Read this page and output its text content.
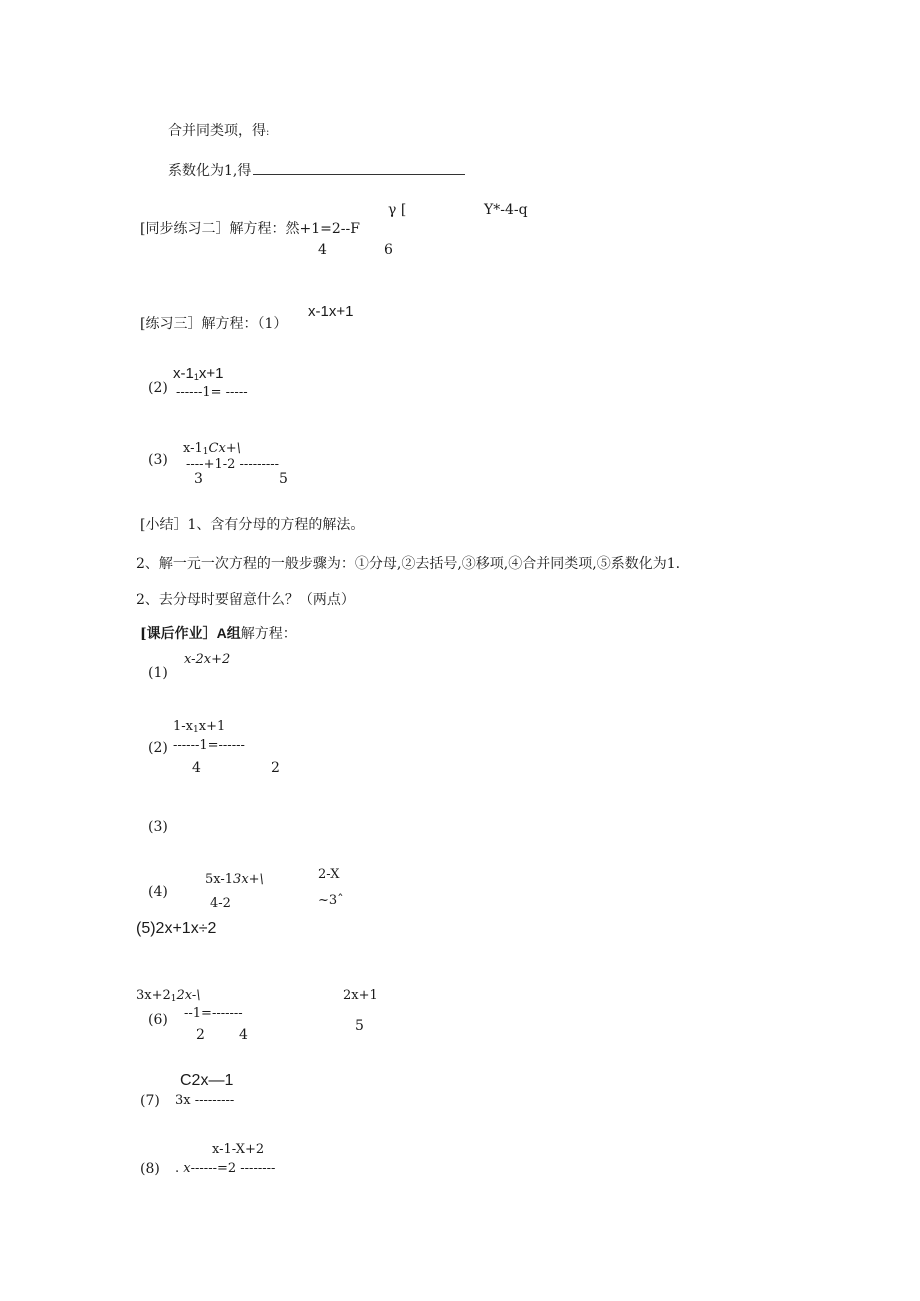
合并同类项，得:
系数化为1,得
γ [	Y*-4-q
[同步练习二］解方程：然+1=2--F
4	6
[练习三］解方程：（1）
x-1x+1
$x-1_1x+1$
(2) ------1= -----
$x-1_1Cx+\backslash$
(3) ----+1-2 ---------
3	5
[小结］1、含有分母的方程的解法。
2、解一元一次方程的一般步骤为：①分母,②去括号,③移项,④合并同类项,⑤系数化为1.
2、去分母时要留意什么？（两点）
[课后作业］A组解方程：
x-2x+2
(1)
$1-x_1x+1$
(2) ------1=------
4	2
(3)
5x-13x+\	2-X
(4)
4-2	~3ˆ
(5)2x+1x÷2
$3x+2_12x-\backslash$	2x+1
(6) --1=-------
2 4
5
C2x—1
(7) 3x ---------
x-1-X+2
(8) . x------=2 --------
